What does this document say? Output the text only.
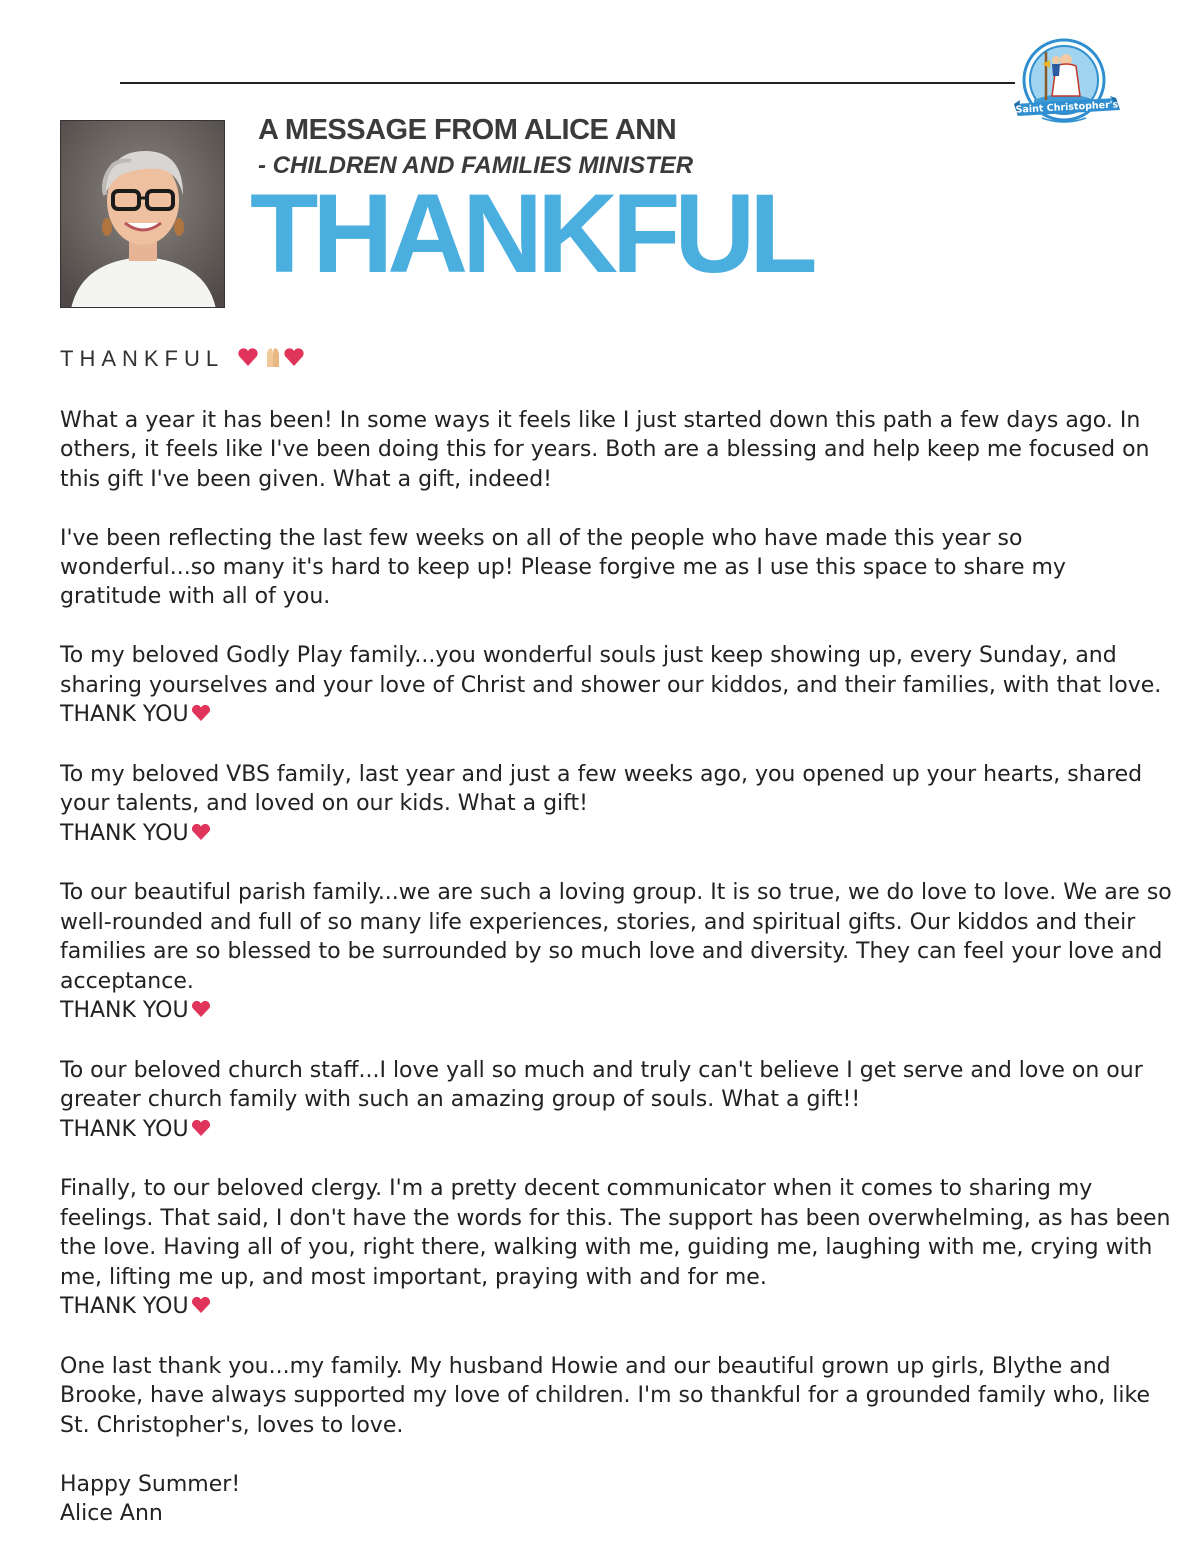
Saint Christopher's
A MESSAGE FROM ALICE ANN
- CHILDREN AND FAMILIES MINISTER
THANKFUL
THANKFUL
What a year it has been! In some ways it feels like I just started down this path a few days ago. In others, it feels like I've been doing this for years. Both are a blessing and help keep me focused on this gift I've been given. What a gift, indeed!
I've been reflecting the last few weeks on all of the people who have made this year so wonderful...so many it's hard to keep up! Please forgive me as I use this space to share my gratitude with all of you.
To my beloved Godly Play family...you wonderful souls just keep showing up, every Sunday, and sharing yourselves and your love of Christ and shower our kiddos, and their families, with that love.
THANK YOU
To my beloved VBS family, last year and just a few weeks ago, you opened up your hearts, shared your talents, and loved on our kids. What a gift!
THANK YOU
To our beautiful parish family...we are such a loving group. It is so true, we do love to love. We are so well-rounded and full of so many life experiences, stories, and spiritual gifts. Our kiddos and their families are so blessed to be surrounded by so much love and diversity. They can feel your love and acceptance.
THANK YOU
To our beloved church staff...I love yall so much and truly can't believe I get serve and love on our greater church family with such an amazing group of souls. What a gift!!
THANK YOU
Finally, to our beloved clergy. I'm a pretty decent communicator when it comes to sharing my feelings. That said, I don't have the words for this. The support has been overwhelming, as has been the love. Having all of you, right there, walking with me, guiding me, laughing with me, crying with me, lifting me up, and most important, praying with and for me.
THANK YOU
One last thank you...my family. My husband Howie and our beautiful grown up girls, Blythe and Brooke, have always supported my love of children. I'm so thankful for a grounded family who, like St. Christopher's, loves to love.
Happy Summer!
Alice Ann
